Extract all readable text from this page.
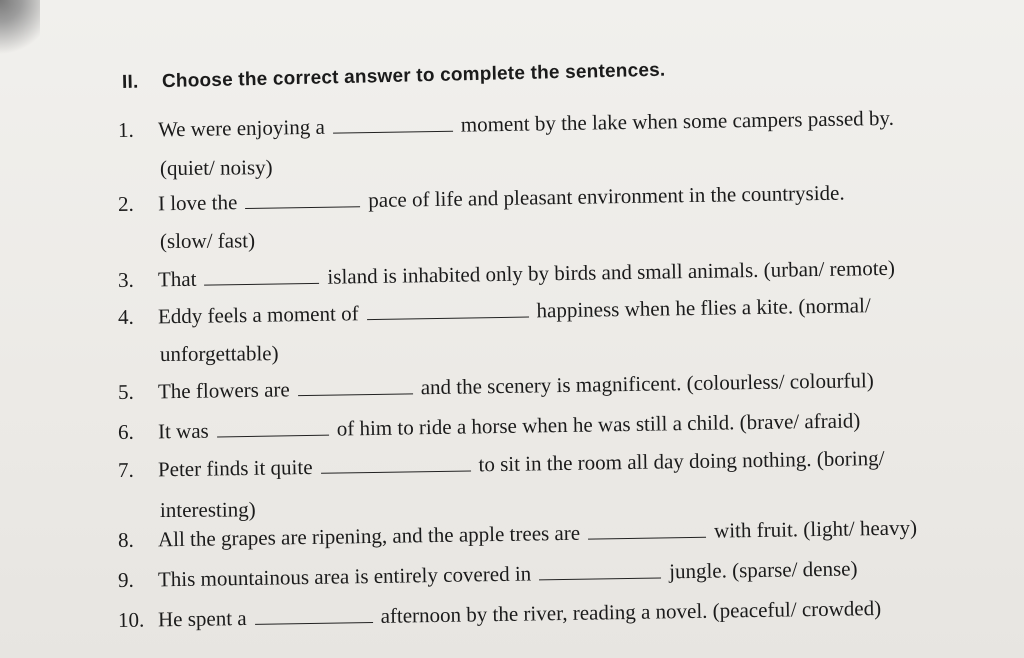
II. Choose the correct answer to complete the sentences.
1. We were enjoying a	moment by the lake when some campers passed by.
(quiet/ noisy)
2. I love the	pace of life and pleasant environment in the countryside.
(slow/ fast)
3. That	island is inhabited only by birds and small animals. (urban/ remote)
4. Eddy feels a moment of	happiness when he flies a kite. (normal/
unforgettable)
5. The flowers are	and the scenery is magnificent. (colourless/ colourful)
6. It was	of him to ride a horse when he was still a child. (brave/ afraid)
7. Peter finds it quite	to sit in the room all day doing nothing. (boring/
interesting)
8. All the grapes are ripening, and the apple trees are	with fruit. (light/ heavy)
9. This mountainous area is entirely covered in	jungle. (sparse/ dense)
10. He spent a	afternoon by the river, reading a novel. (peaceful/ crowded)
